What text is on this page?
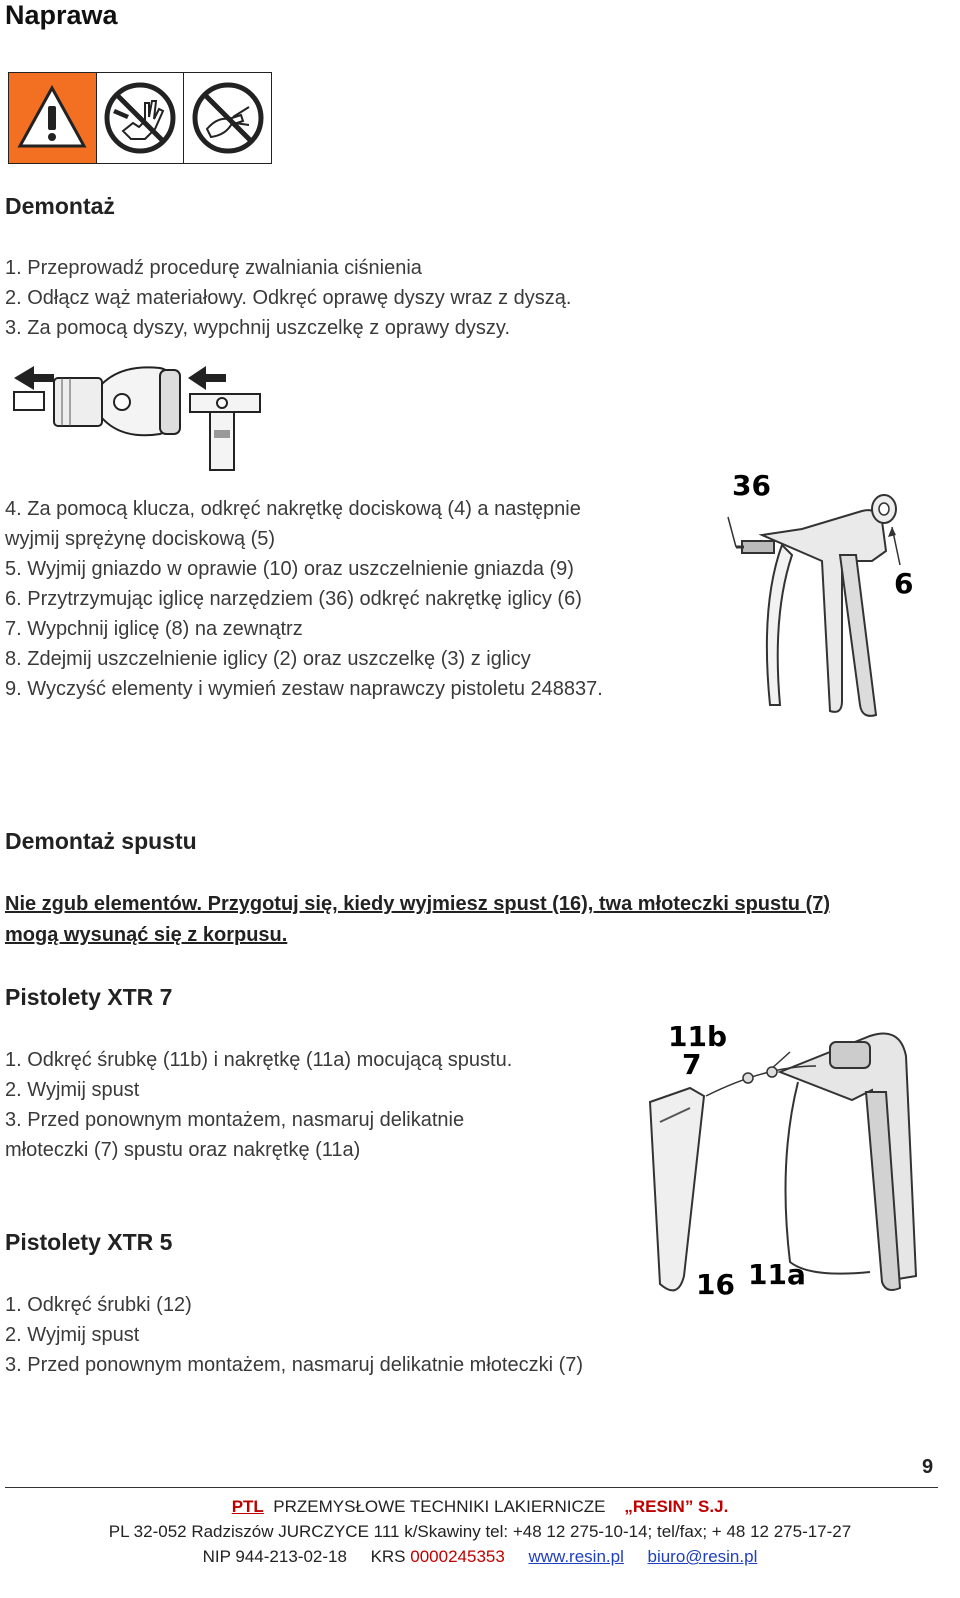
Naprawa
Demontaż
1. Przeprowadź procedurę zwalniania ciśnienia
2. Odłącz wąż materiałowy. Odkręć oprawę dyszy wraz z dyszą.
3. Za pomocą dyszy, wypchnij uszczelkę z oprawy dyszy.
4. Za pomocą klucza, odkręć nakrętkę dociskową (4) a następnie
wyjmij sprężynę dociskową (5)
5. Wyjmij gniazdo w oprawie (10) oraz uszczelnienie gniazda (9)
6. Przytrzymując iglicę narzędziem (36) odkręć nakrętkę iglicy (6)
7. Wypchnij iglicę (8) na zewnątrz
8. Zdejmij uszczelnienie iglicy (2) oraz uszczelkę (3) z iglicy
9. Wyczyść elementy i wymień zestaw naprawczy pistoletu 248837.
36
6
Demontaż spustu
Nie zgub elementów. Przygotuj się, kiedy wyjmiesz spust (16), twa młoteczki spustu (7)
mogą wysunąć się z korpusu.
Pistolety XTR 7
1. Odkręć śrubkę (11b) i nakrętkę (11a) mocującą spustu.
2. Wyjmij spust
3. Przed ponownym montażem, nasmaruj delikatnie
młoteczki (7) spustu oraz nakrętkę (11a)
11b
7
16 11a
Pistolety XTR 5
1. Odkręć śrubki (12)
2. Wyjmij spust
3. Przed ponownym montażem, nasmaruj delikatnie młoteczki (7)
9
PTL PRZEMYSŁOWE TECHNIKI LAKIERNICZE „RESIN” S.J.
PL 32-052 Radziszów JURCZYCE 111 k/Skawiny tel: +48 12 275-10-14; tel/fax; + 48 12 275-17-27
NIP 944-213-02-18 KRS 0000245353 www.resin.pl biuro@resin.pl
